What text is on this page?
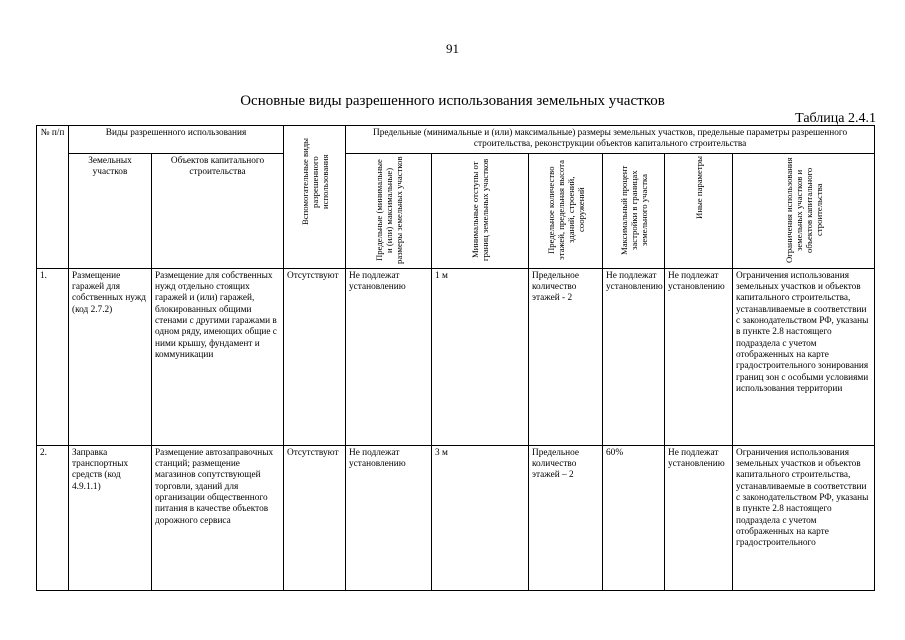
91
Основные виды разрешенного использования земельных участков
Таблица 2.4.1
№ п/п	Виды разрешенного использования		Вспомогательные виды разрешенного использования	Предельные (минимальные и (или) максимальные) размеры земельных участков, предельные параметры разрешенного строительства, реконструкции объектов капитального строительства					
	Земельных участков	Объектов капитального строительства		Предельные (минимальные и (или) максимальные) размеры земельных участков	Минимальные отступы от границ земельных участков	Предельное количество этажей, предельная высота зданий, строений, сооружений	Максимальный процент застройки в границах земельного участка	Иные параметры	Ограничения использования земельных участков и объектов капитального строительства

1.	Размещение гаражей для собственных нужд (код 2.7.2)	Размещение для собственных нужд отдельно стоящих гаражей и (или) гаражей, блокированных общими стенами с другими гаражами в одном ряду, имеющих общие с ними крышу, фундамент и коммуникации	Отсутствуют	Не подлежат установлению	1 м	Предельное количество этажей - 2	Не подлежат установлению	Не подлежат установлению	Ограничения использования земельных участков и объектов капитального строительства, устанавливаемые в соответствии с законодательством РФ, указаны в пункте 2.8 настоящего подраздела с учетом отображенных на карте градостроительного зонирования границ зон с особыми условиями использования территории
2.	Заправка транспортных средств (код 4.9.1.1)	Размещение автозаправочных станций; размещение магазинов сопутствующей торговли, зданий для организации общественного питания в качестве объектов дорожного сервиса	Отсутствуют	Не подлежат установлению	3 м	Предельное количество этажей – 2	60%	Не подлежат установлению	Ограничения использования земельных участков и объектов капитального строительства, устанавливаемые в соответствии с законодательством РФ, указаны в пункте 2.8 настоящего подраздела с учетом отображенных на карте градостроительного
